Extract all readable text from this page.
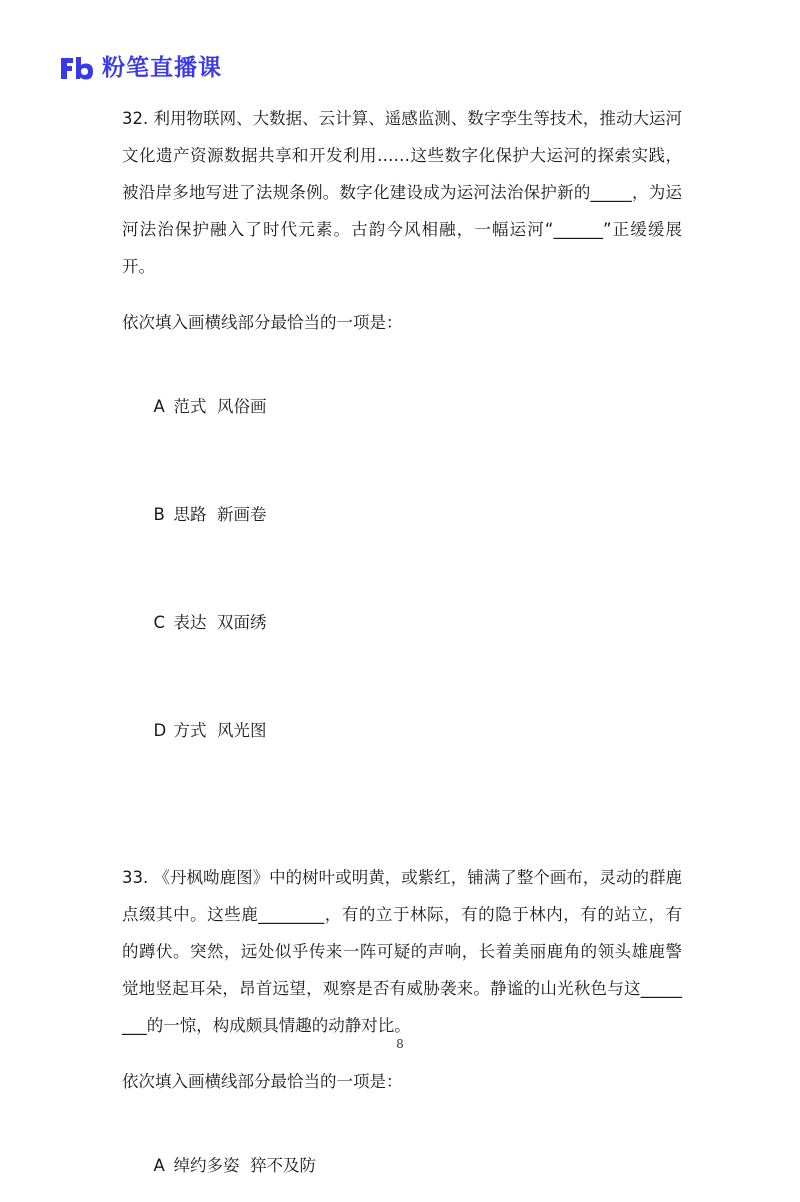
粉笔直播课

32. 利用物联网、大数据、云计算、遥感监测、数字孪生等技术，推动大运河文化遗产资源数据共享和开发利用……这些数字化保护大运河的探索实践，被沿岸多地写进了法规条例。数字化建设成为运河法治保护新的_____，为运河法治保护融入了时代元素。古韵今风相融，一幅运河“______”正缓缓展开。

依次填入画横线部分最恰当的一项是：

A 范式  风俗画

B 思路  新画卷

C 表达  双面绣

D 方式  风光图

33. 《丹枫呦鹿图》中的树叶或明黄，或紫红，铺满了整个画布，灵动的群鹿点缀其中。这些鹿________，有的立于林际，有的隐于林内，有的站立，有的蹲伏。突然，远处似乎传来一阵可疑的声响，长着美丽鹿角的领头雄鹿警觉地竖起耳朵，昂首远望，观察是否有威胁袭来。静谧的山光秋色与这________的一惊，构成颇具情趣的动静对比。

依次填入画横线部分最恰当的一项是：

A 绰约多姿  猝不及防

8
